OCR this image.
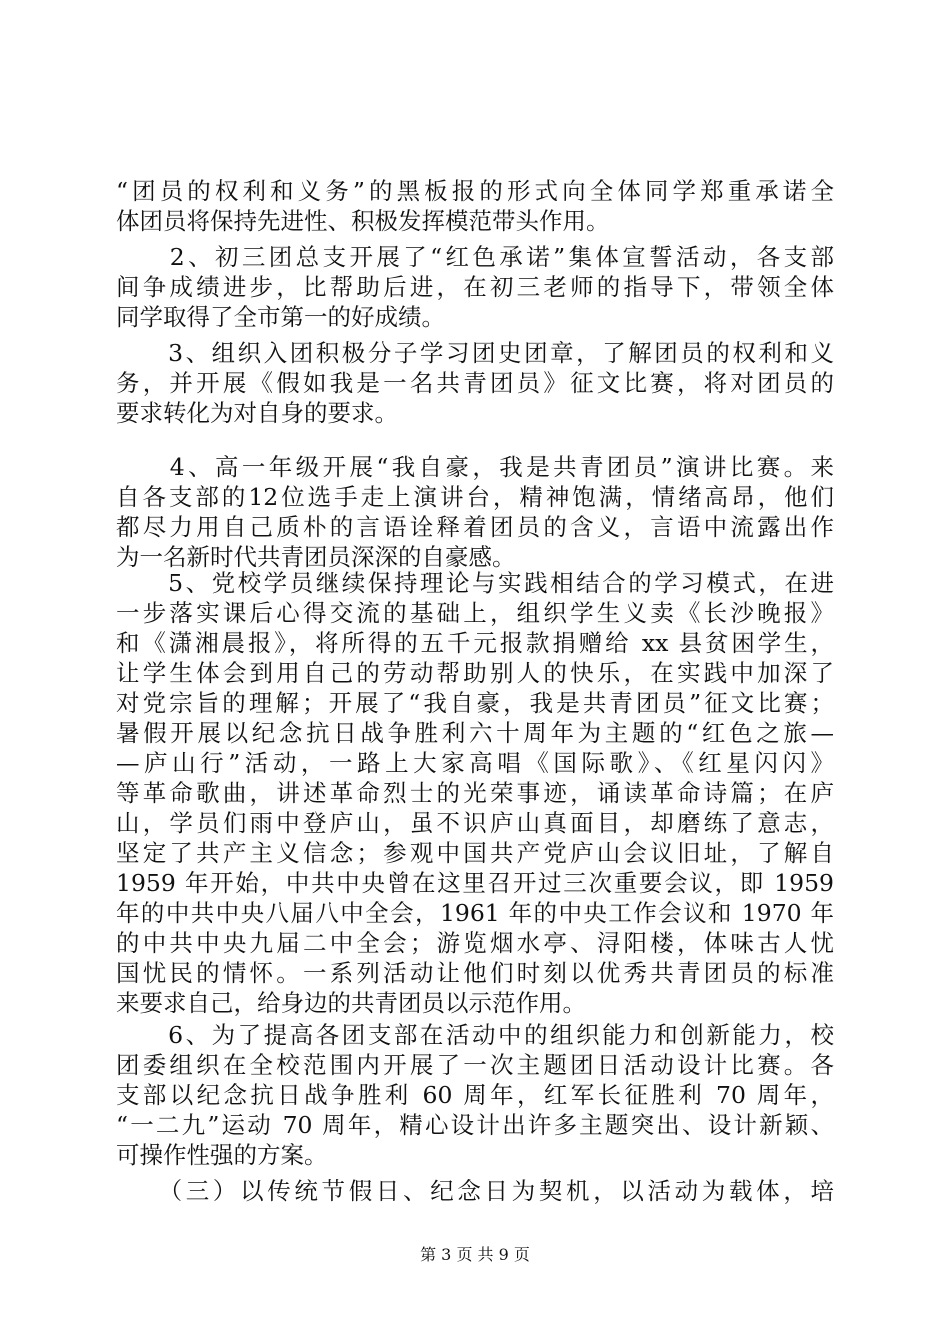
“团员的权利和义务”的黑板报的形式向全体同学郑重承诺全
体团员将保持先进性、积极发挥模范带头作用。
　　2、初三团总支开展了“红色承诺”集体宣誓活动，各支部
间争成绩进步，比帮助后进，在初三老师的指导下，带领全体
同学取得了全市第一的好成绩。
　　3、组织入团积极分子学习团史团章，了解团员的权利和义
务，并开展《假如我是一名共青团员》征文比赛，将对团员的
要求转化为对自身的要求。
　　4、高一年级开展“我自豪，我是共青团员”演讲比赛。来
自各支部的12位选手走上演讲台，精神饱满，情绪高昂，他们
都尽力用自己质朴的言语诠释着团员的含义，言语中流露出作
为一名新时代共青团员深深的自豪感。
　　5、党校学员继续保持理论与实践相结合的学习模式，在进
一步落实课后心得交流的基础上，组织学生义卖《长沙晚报》
和《潇湘晨报》，将所得的五千元报款捐赠给 xx 县贫困学生，
让学生体会到用自己的劳动帮助别人的快乐，在实践中加深了
对党宗旨的理解；开展了“我自豪，我是共青团员”征文比赛；
暑假开展以纪念抗日战争胜利六十周年为主题的“红色之旅—
—庐山行”活动，一路上大家高唱《国际歌》、《红星闪闪》
等革命歌曲，讲述革命烈士的光荣事迹，诵读革命诗篇；在庐
山，学员们雨中登庐山，虽不识庐山真面目，却磨练了意志，
坚定了共产主义信念；参观中国共产党庐山会议旧址，了解自
1959 年开始，中共中央曾在这里召开过三次重要会议，即 1959
年的中共中央八届八中全会，1961 年的中央工作会议和 1970 年
的中共中央九届二中全会；游览烟水亭、浔阳楼，体味古人忧
国忧民的情怀。一系列活动让他们时刻以优秀共青团员的标准
来要求自己，给身边的共青团员以示范作用。
　　6、为了提高各团支部在活动中的组织能力和创新能力，校
团委组织在全校范围内开展了一次主题团日活动设计比赛。各
支部以纪念抗日战争胜利 60 周年，红军长征胜利 70 周年，
“一二九”运动 70 周年，精心设计出许多主题突出、设计新颖、
可操作性强的方案。
　　（三）以传统节假日、纪念日为契机，以活动为载体，培
第 3 页 共 9 页
